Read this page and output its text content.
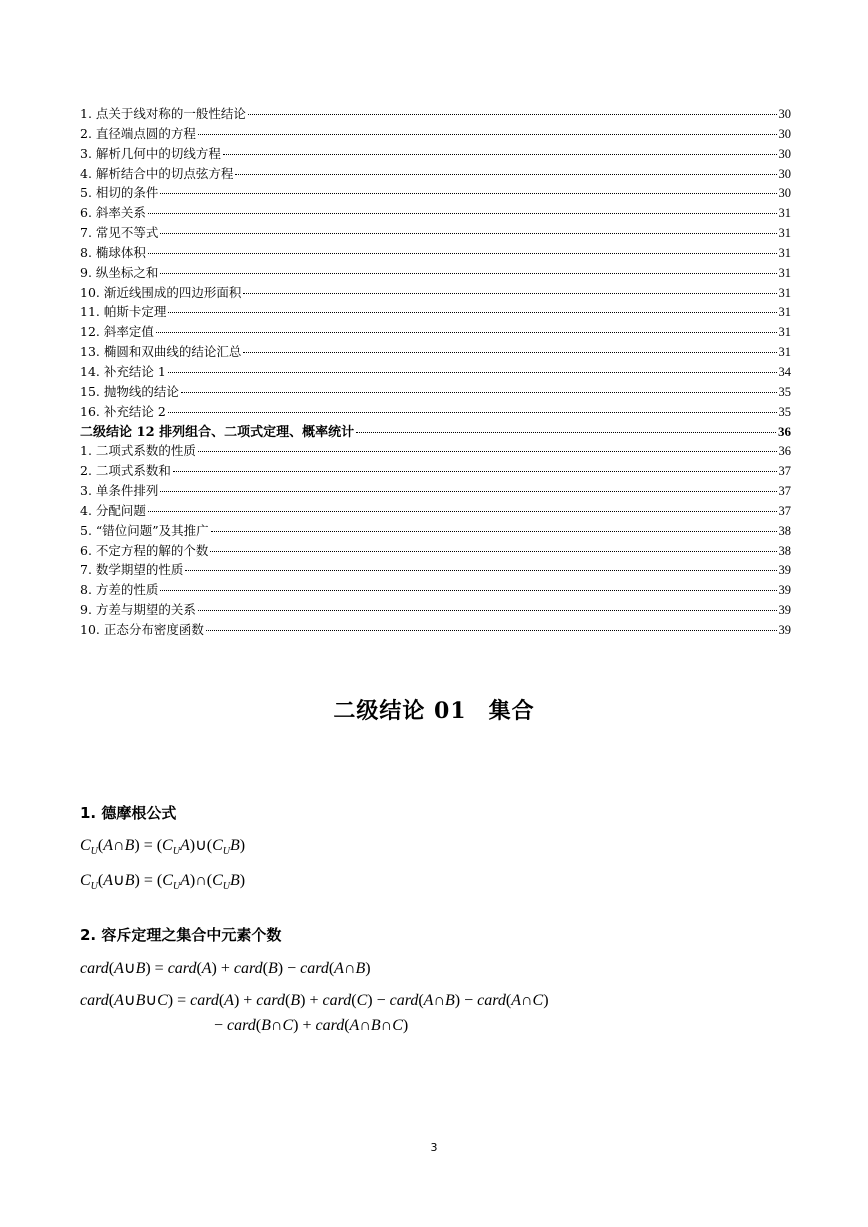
1. 点关于线对称的一般性结论	30
2. 直径端点圆的方程	30
3. 解析几何中的切线方程	30
4. 解析结合中的切点弦方程	30
5. 相切的条件	30
6. 斜率关系	31
7. 常见不等式	31
8. 椭球体积	31
9. 纵坐标之和	31
10. 渐近线围成的四边形面积	31
11. 帕斯卡定理	31
12. 斜率定值	31
13. 椭圆和双曲线的结论汇总	31
14. 补充结论 1	34
15. 抛物线的结论	35
16. 补充结论 2	35
二级结论 12 排列组合、二项式定理、概率统计	36
1. 二项式系数的性质	36
2. 二项式系数和	37
3. 单条件排列	37
4. 分配问题	37
5. “错位问题”及其推广	38
6. 不定方程的解的个数	38
7. 数学期望的性质	39
8. 方差的性质	39
9. 方差与期望的关系	39
10. 正态分布密度函数	39
二级结论 01 集合
1. 德摩根公式
$C_U(A\cap B)$ = $(C_UA)\cup(C_UB)$
$C_U(A\cup B)$ = $(C_UA)\cap(C_UB)$
2. 容斥定理之集合中元素个数
card(A∪B) = card(A) + card(B) − card(A∩B)
card(A∪B∪C) = card(A) + card(B) + card(C) − card(A∩B) − card(A∩C)
− card(B∩C) + card(A∩B∩C)
3
